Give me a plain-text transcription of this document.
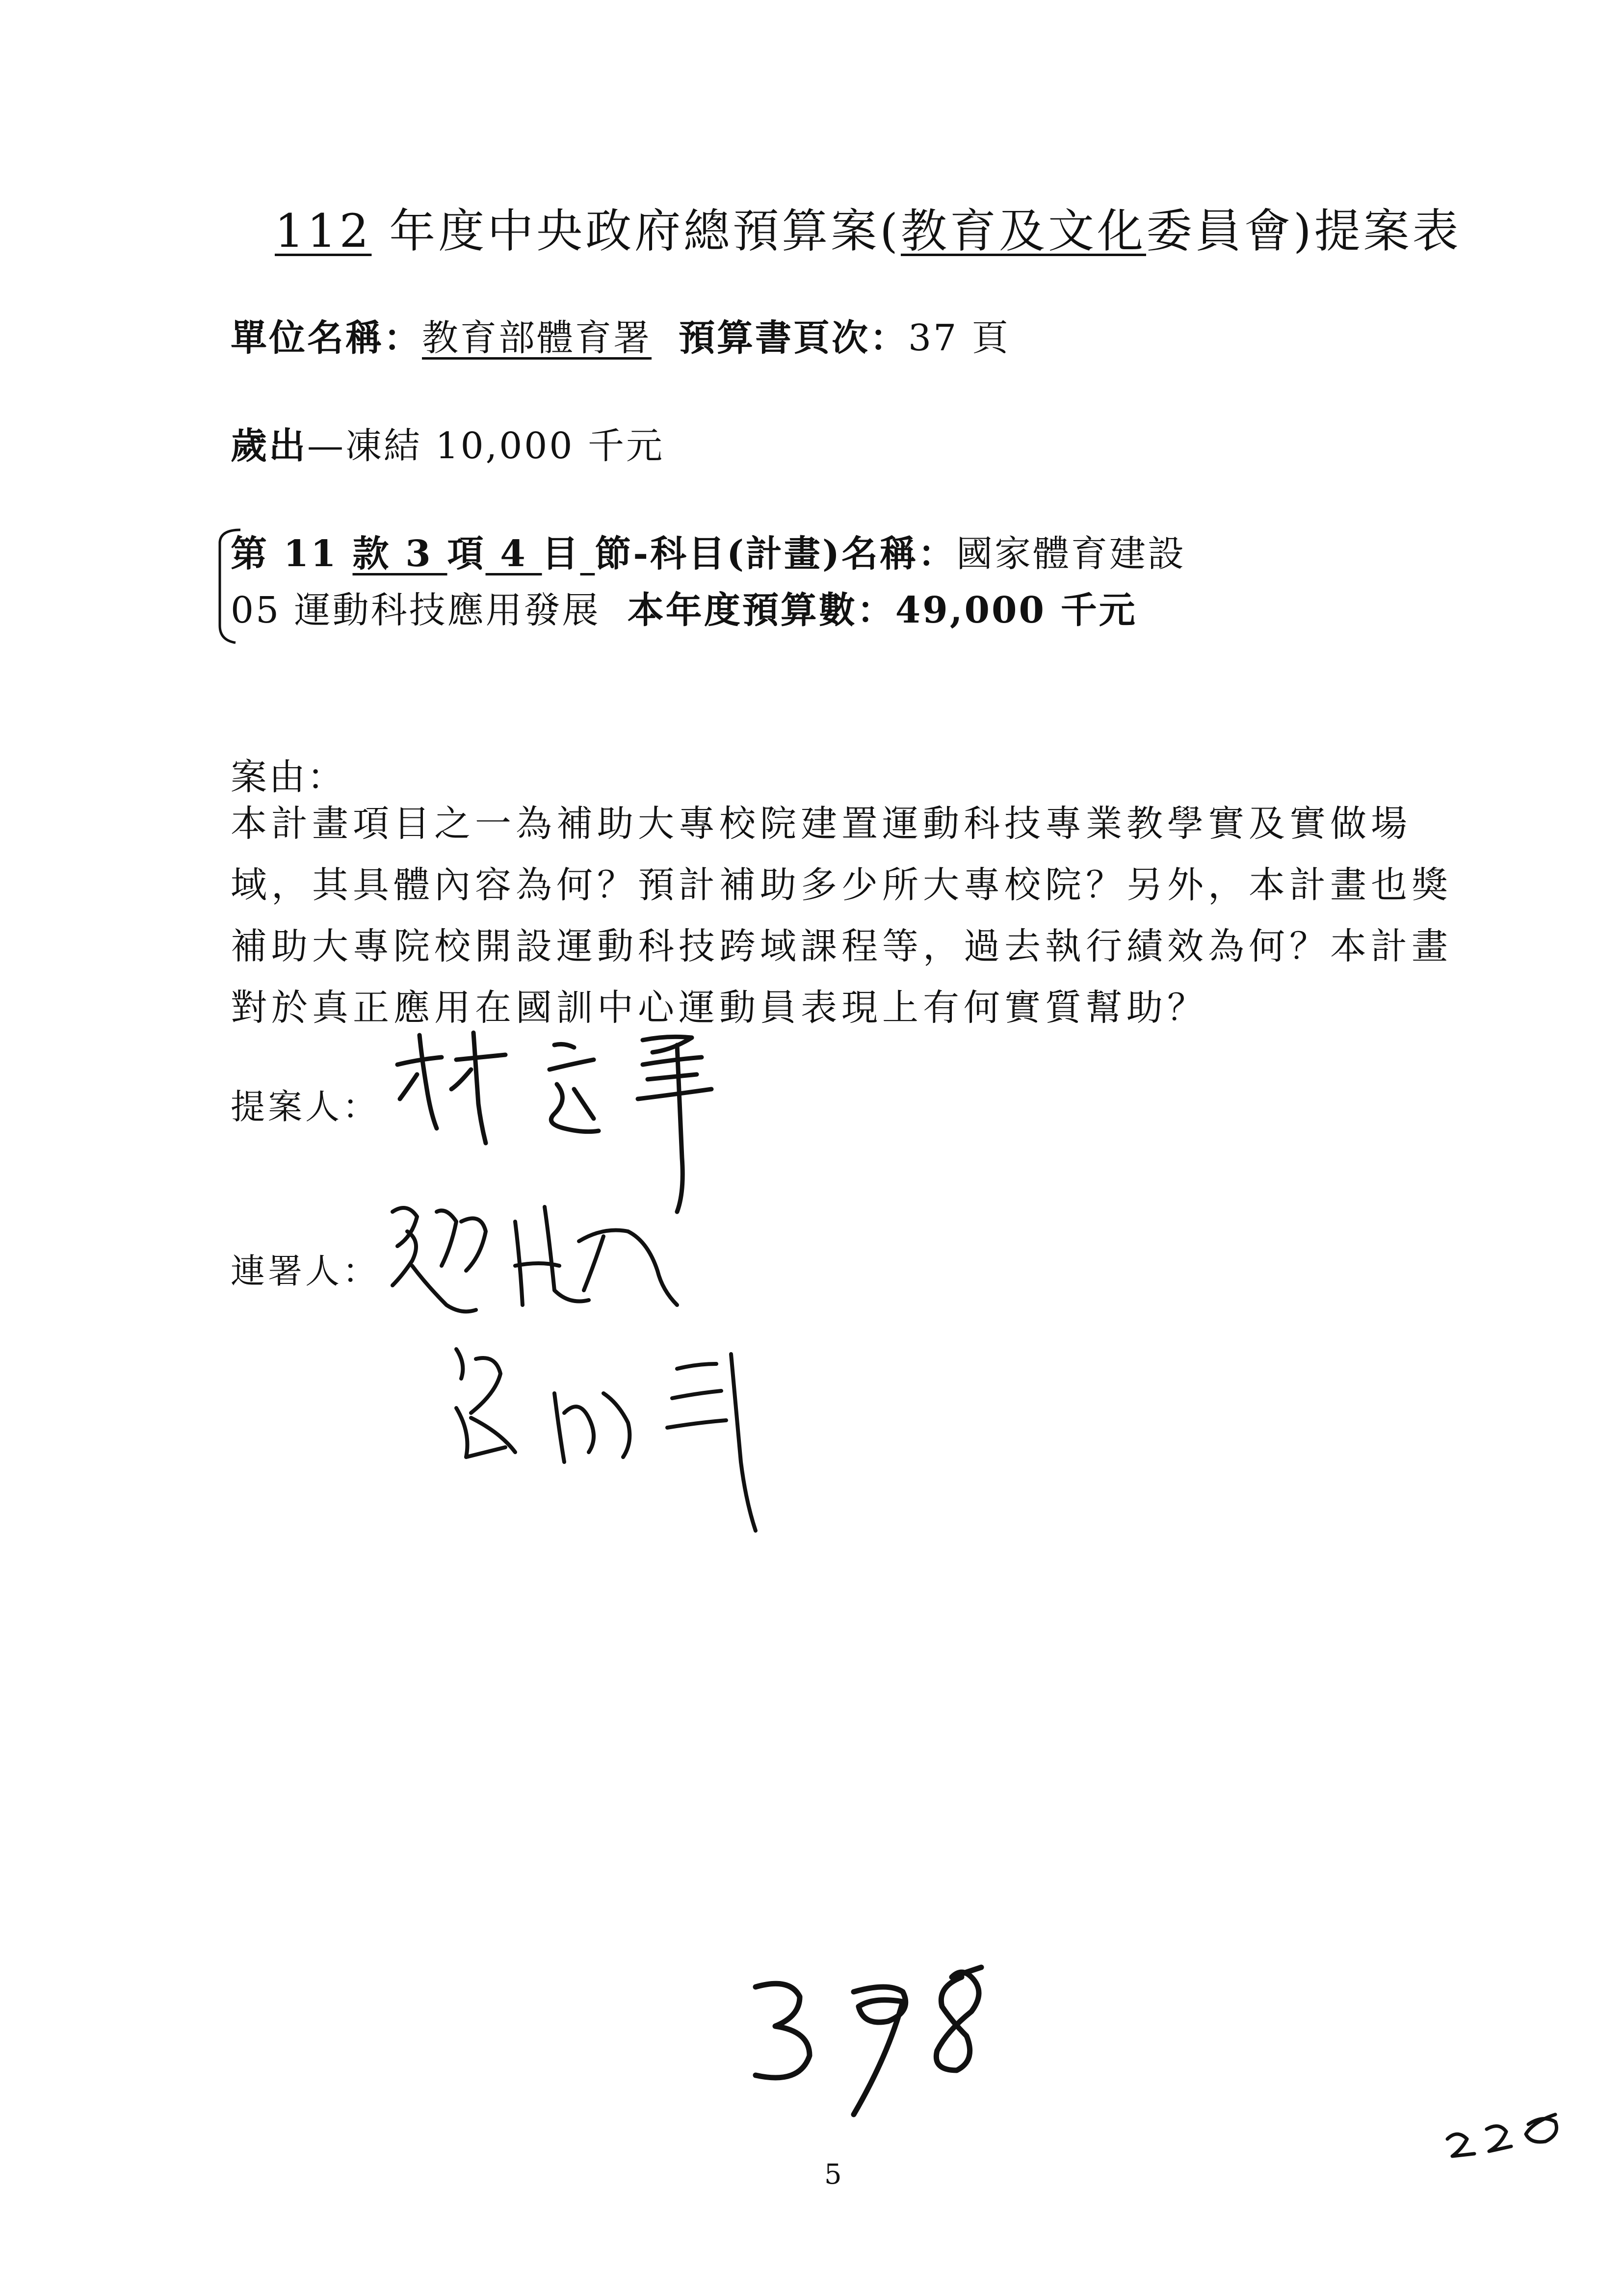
112 年度中央政府總預算案(教育及文化委員會)提案表
單位名稱：教育部體育署 預算書頁次：37 頁
歲出—凍結 10,000 千元
第 11 款 3 項 4 目 節-科目(計畫)名稱：國家體育建設
05 運動科技應用發展 本年度預算數：49,000 千元
案由：
本計畫項目之一為補助大專校院建置運動科技專業教學實及實做場
域，其具體內容為何？預計補助多少所大專校院？另外，本計畫也獎
補助大專院校開設運動科技跨域課程等，過去執行績效為何？本計畫
對於真正應用在國訓中心運動員表現上有何實質幫助？
提案人：
連署人：
5
